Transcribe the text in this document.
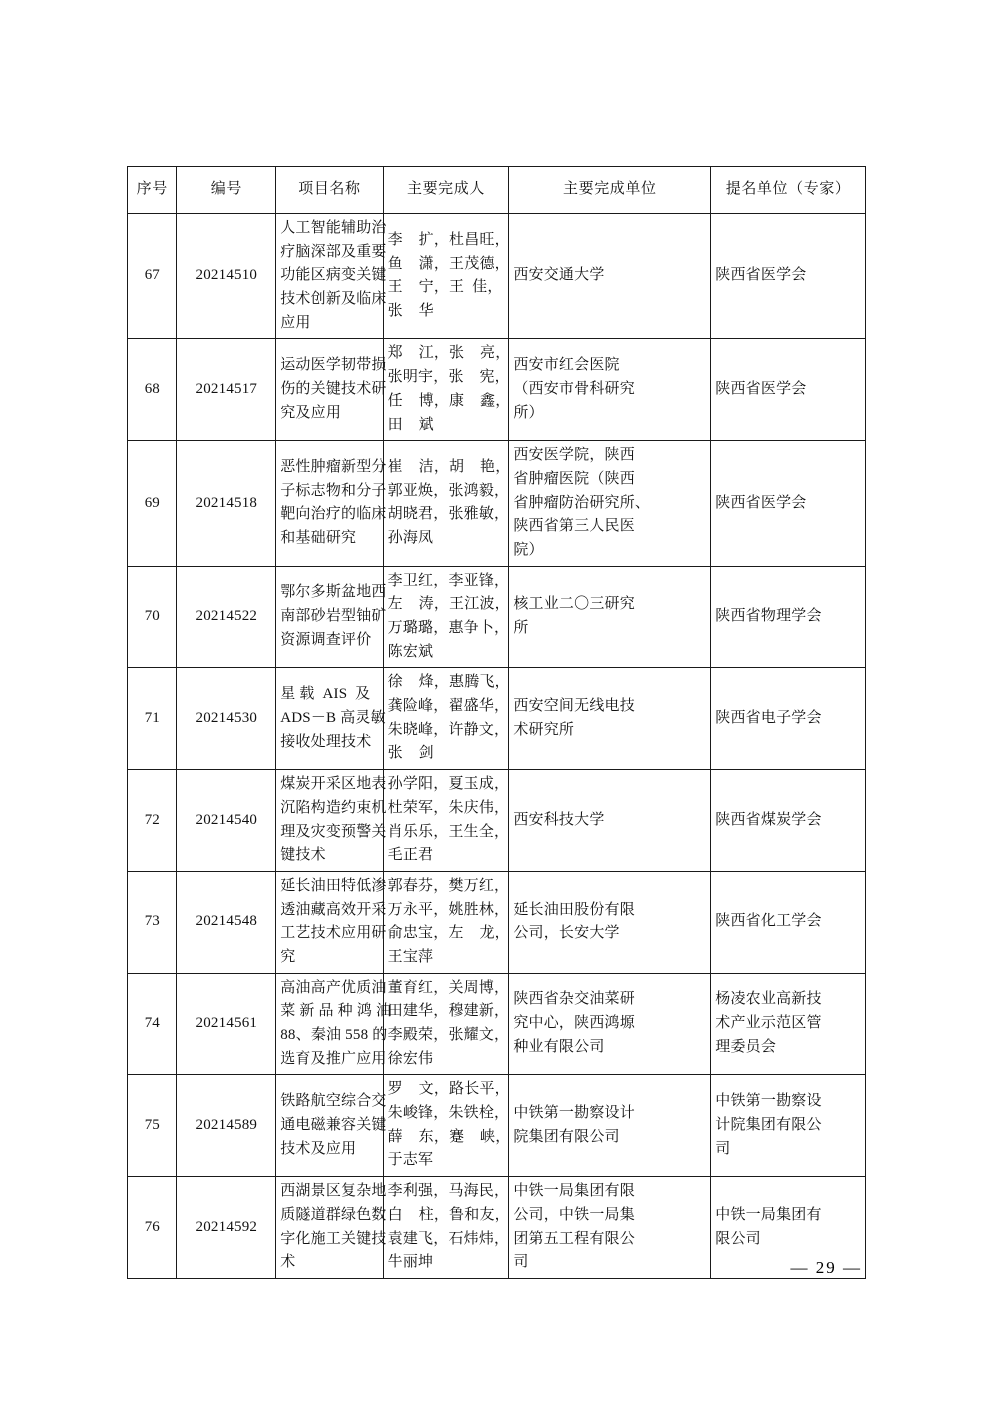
序号	编号	项目名称	主要完成人	主要完成单位	提名单位（专家）
67	20214510	人工智能辅助治
疗脑深部及重要
功能区病变关键
技术创新及临床
应用	李    扩，杜昌旺，
鱼    潇，王茂德，
王    宁，王  佳，
张    华	西安交通大学	陕西省医学会

68	20214517	运动医学韧带损
伤的关键技术研
究及应用	郑    江，张    亮，
张明宇，张    宪，
任    博，康    鑫，
田    斌	西安市红会医院
（西安市骨科研究
所）	陕西省医学会

69	20214518	恶性肿瘤新型分
子标志物和分子
靶向治疗的临床
和基础研究	崔    洁，胡    艳，
郭亚焕，张鸿毅，
胡晓君，张雅敏，
孙海凤	西安医学院，陕西
省肿瘤医院（陕西
省肿瘤防治研究所、
陕西省第三人民医
院）	陕西省医学会

70	20214522	鄂尔多斯盆地西
南部砂岩型铀矿
资源调查评价	李卫红，李亚锋，
左    涛，王江波，
万璐璐，惠争卜，
陈宏斌	核工业二〇三研究
所	陕西省物理学会

71	20214530	星 载  AIS  及
ADS－B 高灵敏
接收处理技术	徐    烽，惠腾飞，
龚险峰，翟盛华，
朱晓峰，许静文，
张    剑	西安空间无线电技
术研究所	陕西省电子学会

72	20214540	煤炭开采区地表
沉陷构造约束机
理及灾变预警关
键技术	孙学阳，夏玉成，
杜荣军，朱庆伟，
肖乐乐，王生全，
毛正君	西安科技大学	陕西省煤炭学会

73	20214548	延长油田特低渗
透油藏高效开采
工艺技术应用研
究	郭春芬，樊万红，
万永平，姚胜林，
俞忠宝，左    龙，
王宝萍	延长油田股份有限
公司，长安大学	陕西省化工学会

74	20214561	高油高产优质油
菜 新 品 种 鸿 油
88、秦油 558 的
选育及推广应用	董育红，关周博，
田建华，穆建新，
李殿荣，张耀文，
徐宏伟	陕西省杂交油菜研
究中心，陕西鸿塬
种业有限公司	杨凌农业高新技
术产业示范区管
理委员会

75	20214589	铁路航空综合交
通电磁兼容关键
技术及应用	罗    文，路长平，
朱峻锋，朱铁栓，
薛    东，蹇    峡，
于志军	中铁第一勘察设计
院集团有限公司	中铁第一勘察设
计院集团有限公
司

76	20214592	西湖景区复杂地
质隧道群绿色数
字化施工关键技
术	李利强，马海民，
白    柱，鲁和友，
袁建飞，石炜炜，
牛丽坤	中铁一局集团有限
公司，中铁一局集
团第五工程有限公
司	中铁一局集团有
限公司
— 29 —
